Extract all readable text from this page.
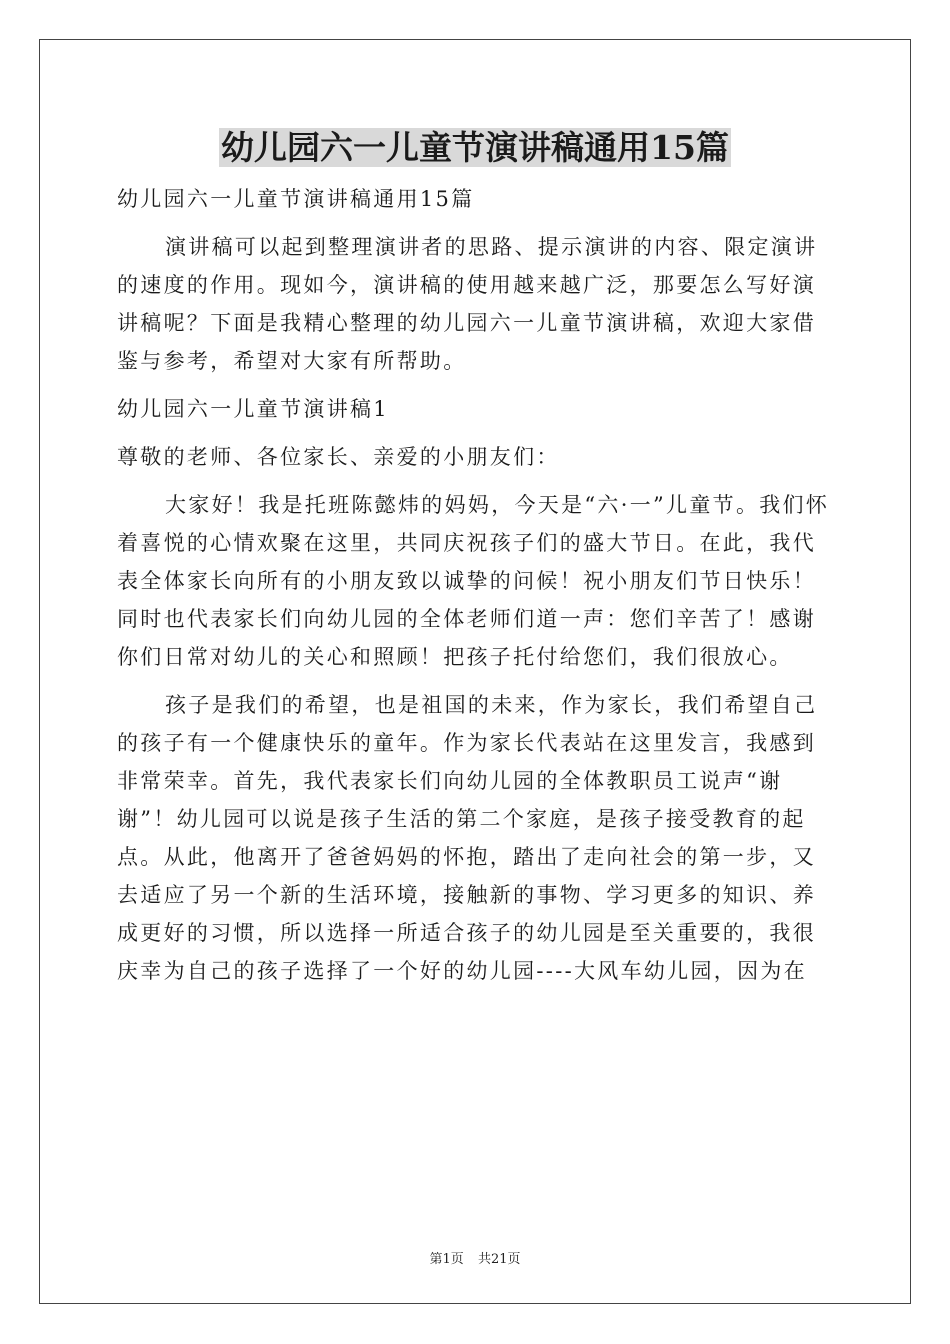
幼儿园六一儿童节演讲稿通用15篇

幼儿园六一儿童节演讲稿通用15篇

演讲稿可以起到整理演讲者的思路、提示演讲的内容、限定演讲的速度的作用。现如今，演讲稿的使用越来越广泛，那要怎么写好演讲稿呢？下面是我精心整理的幼儿园六一儿童节演讲稿，欢迎大家借鉴与参考，希望对大家有所帮助。

幼儿园六一儿童节演讲稿1

尊敬的老师、各位家长、亲爱的小朋友们：

大家好！我是托班陈懿炜的妈妈，今天是“六·一”儿童节。我们怀着喜悦的心情欢聚在这里，共同庆祝孩子们的盛大节日。在此，我代表全体家长向所有的小朋友致以诚挚的问候！祝小朋友们节日快乐！同时也代表家长们向幼儿园的全体老师们道一声：您们辛苦了！感谢你们日常对幼儿的关心和照顾！把孩子托付给您们，我们很放心。

孩子是我们的希望，也是祖国的未来，作为家长，我们希望自己的孩子有一个健康快乐的童年。作为家长代表站在这里发言，我感到非常荣幸。首先，我代表家长们向幼儿园的全体教职员工说声“谢谢”！幼儿园可以说是孩子生活的第二个家庭，是孩子接受教育的起点。从此，他离开了爸爸妈妈的怀抱，踏出了走向社会的第一步，又去适应了另一个新的生活环境，接触新的事物、学习更多的知识、养成更好的习惯，所以选择一所适合孩子的幼儿园是至关重要的，我很庆幸为自己的孩子选择了一个好的幼儿园----大风车幼儿园，因为在

第1页 共21页
